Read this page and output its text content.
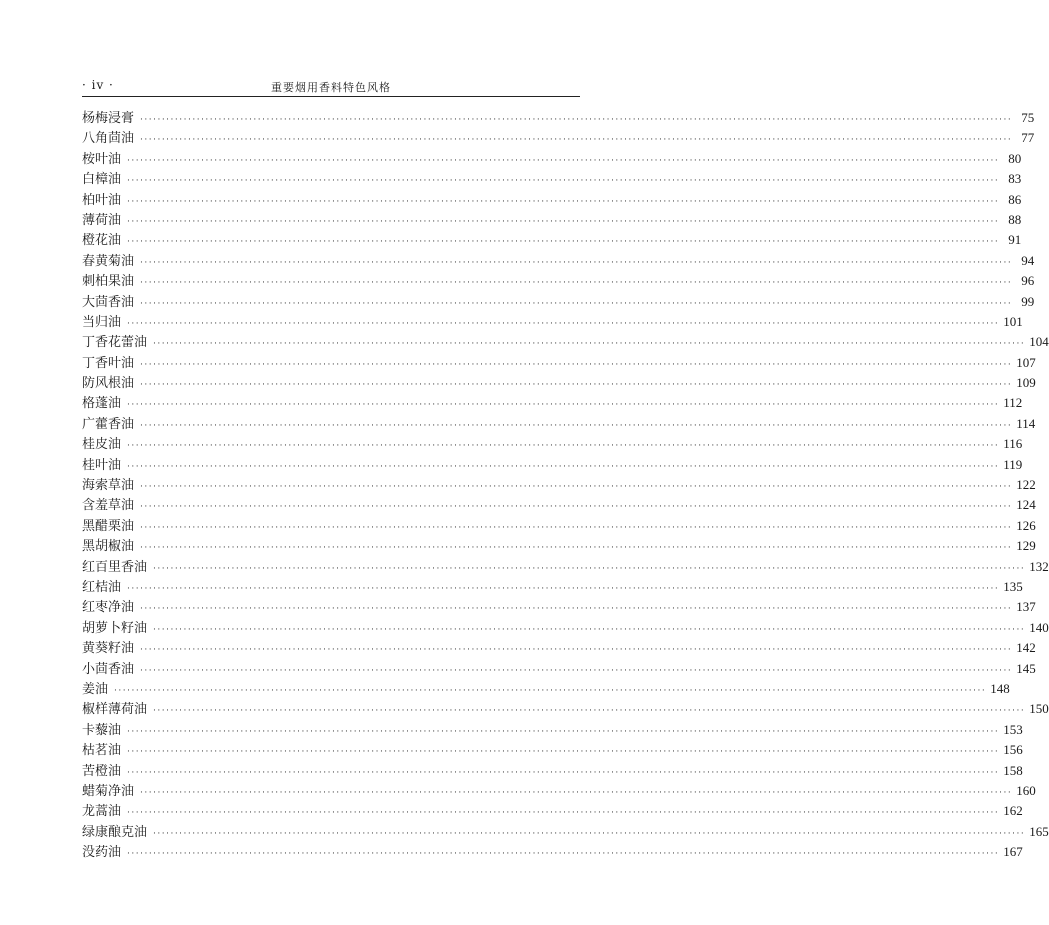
· iv ·	重要烟用香料特色风格
杨梅浸膏 ········································································································································································································ 75
八角茴油 ········································································································································································································ 77
桉叶油 ········································································································································································································ 80
白樟油 ········································································································································································································ 83
柏叶油 ········································································································································································································ 86
薄荷油 ········································································································································································································ 88
橙花油 ········································································································································································································ 91
春黄菊油 ········································································································································································································ 94
刺柏果油 ········································································································································································································ 96
大茴香油 ········································································································································································································ 99
当归油 ········································································································································································································ 101
丁香花蕾油 ········································································································································································································ 104
丁香叶油 ········································································································································································································ 107
防风根油 ········································································································································································································ 109
格蓬油 ········································································································································································································ 112
广藿香油 ········································································································································································································ 114
桂皮油 ········································································································································································································ 116
桂叶油 ········································································································································································································ 119
海索草油 ········································································································································································································ 122
含羞草油 ········································································································································································································ 124
黑醋栗油 ········································································································································································································ 126
黑胡椒油 ········································································································································································································ 129
红百里香油 ········································································································································································································ 132
红桔油 ········································································································································································································ 135
红枣净油 ········································································································································································································ 137
胡萝卜籽油 ········································································································································································································ 140
黄葵籽油 ········································································································································································································ 142
小茴香油 ········································································································································································································ 145
姜油 ········································································································································································································ 148
椒样薄荷油 ········································································································································································································ 150
卡藜油 ········································································································································································································ 153
枯茗油 ········································································································································································································ 156
苦橙油 ········································································································································································································ 158
蜡菊净油 ········································································································································································································ 160
龙蒿油 ········································································································································································································ 162
绿康酿克油 ········································································································································································································ 165
没药油 ········································································································································································································ 167
